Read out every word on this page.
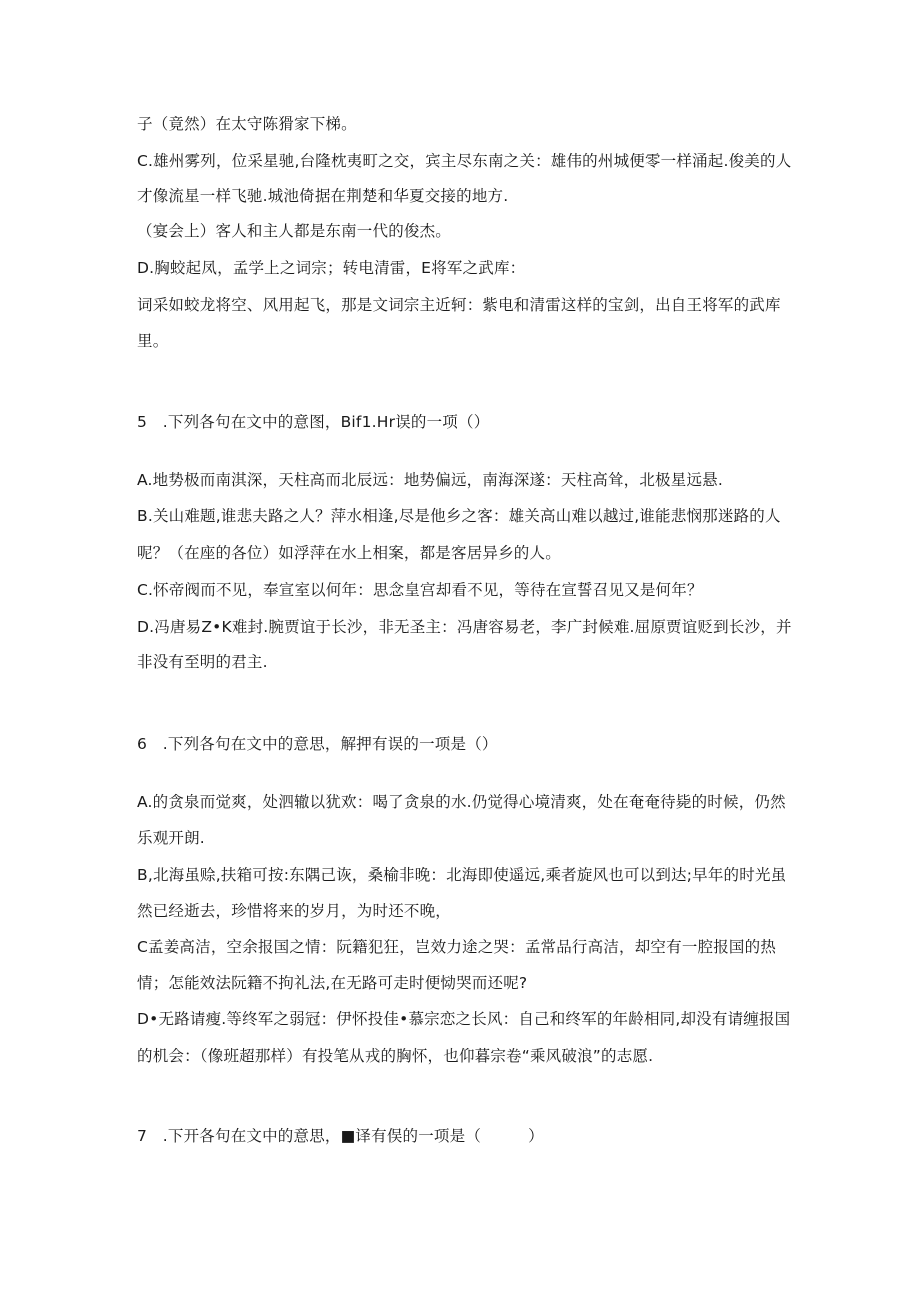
子（竟然）在太守陈猾家下梯。
C.雄州雾列，位采星驰,台隆枕夷町之交，宾主尽东南之关：雄伟的州城便零一样涌起.俊美的人
才像流星一样飞驰.城池倚据在荆楚和华夏交接的地方.
（宴会上）客人和主人都是东南一代的俊杰。
D.胸蛟起凤，孟学上之词宗；转电清雷，E将军之武库：
词采如蛟龙将空、风用起飞，那是文词宗主近轲：紫电和清雷这样的宝剑，出自王将军的武库
里。
5　.下列各句在文中的意图，Bif1.Hr误的一项（）
A.地势极而南淇深，天柱高而北辰远：地势偏远，南海深遂：天柱高耸，北极星远悬.
B.关山难题,谁悲夫路之人？萍水相逢,尽是他乡之客：雄关高山难以越过,谁能悲悯那迷路的人
呢？（在座的各位）如浮萍在水上相案，都是客居异乡的人。
C.怀帝阀而不见，奉宣室以何年：思念皇宫却看不见，等待在宣誓召见又是何年？
D.冯唐易Z•K难封.腕贾谊于长沙，非无圣主：冯唐容易老，李广封候难.屈原贾谊贬到长沙，并
非没有至明的君主.
6　.下列各句在文中的意思，解押有误的一项是（）
A.的贪泉而觉爽，处泗辙以犹欢：喝了贪泉的水.仍觉得心境清爽，处在奄奄待毙的时候，仍然
乐观开朗.
B,北海虽赊,扶箱可按:东隅己诙，桑榆非晚：北海即使遥远,乘者旋风也可以到达;早年的时光虽
然已经逝去，珍惜将来的岁月，为时还不晚，
C孟姜高洁，空余报国之情：阮籍犯狂，岂效力途之哭：孟常品行高洁，却空有一腔报国的热
情；怎能效法阮籍不拘礼法,在无路可走时便恸哭而还呢?
D•无路请瘦.等终军之弱冠：伊怀投佳•慕宗恋之长风：自己和终军的年龄相同,却没有请缠报国
的机会：（像班超那样）有投笔从戎的胸怀，也仰暮宗卷“乘风破浪”的志愿.
7　.下开各句在文中的意思，■译有俣的一项是（　　　）
